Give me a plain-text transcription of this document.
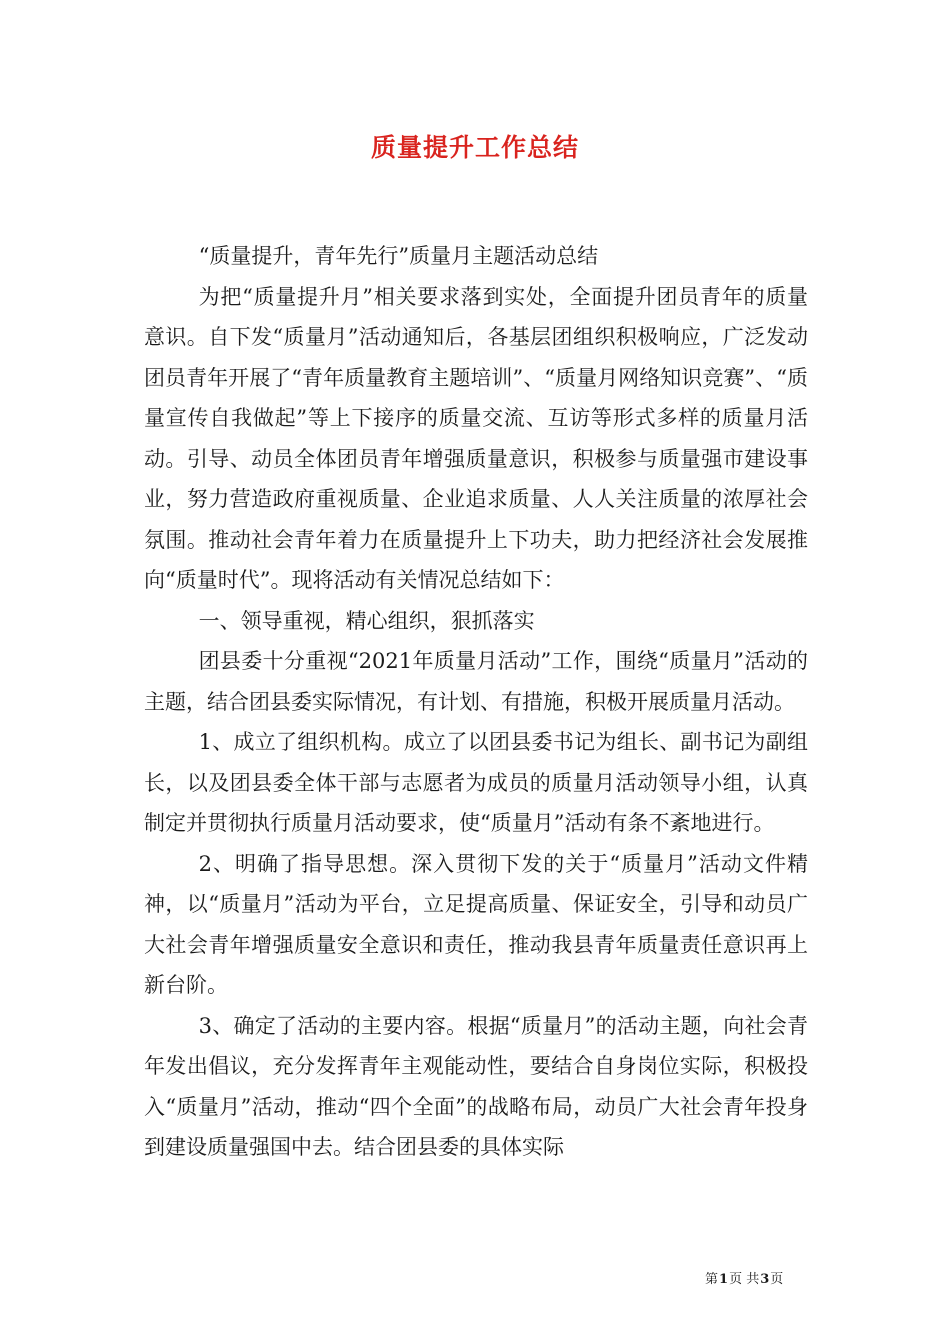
质量提升工作总结

“质量提升，青年先行”质量月主题活动总结

为把“质量提升月”相关要求落到实处，全面提升团员青年的质量意识。自下发“质量月”活动通知后，各基层团组织积极响应，广泛发动团员青年开展了“青年质量教育主题培训”、“质量月网络知识竞赛”、“质量宣传自我做起”等上下接序的质量交流、互访等形式多样的质量月活动。引导、动员全体团员青年增强质量意识，积极参与质量强市建设事业，努力营造政府重视质量、企业追求质量、人人关注质量的浓厚社会氛围。推动社会青年着力在质量提升上下功夫，助力把经济社会发展推向“质量时代”。现将活动有关情况总结如下：

一、领导重视，精心组织，狠抓落实

团县委十分重视“2021年质量月活动”工作，围绕“质量月”活动的主题，结合团县委实际情况，有计划、有措施，积极开展质量月活动。

1、成立了组织机构。成立了以团县委书记为组长、副书记为副组长，以及团县委全体干部与志愿者为成员的质量月活动领导小组，认真制定并贯彻执行质量月活动要求，使“质量月”活动有条不紊地进行。

2、明确了指导思想。深入贯彻下发的关于“质量月”活动文件精神，以“质量月”活动为平台，立足提高质量、保证安全，引导和动员广大社会青年增强质量安全意识和责任，推动我县青年质量责任意识再上新台阶。

3、确定了活动的主要内容。根据“质量月”的活动主题，向社会青年发出倡议，充分发挥青年主观能动性，要结合自身岗位实际，积极投入“质量月”活动，推动“四个全面”的战略布局，动员广大社会青年投身到建设质量强国中去。结合团县委的具体实际

第1页 共3页
